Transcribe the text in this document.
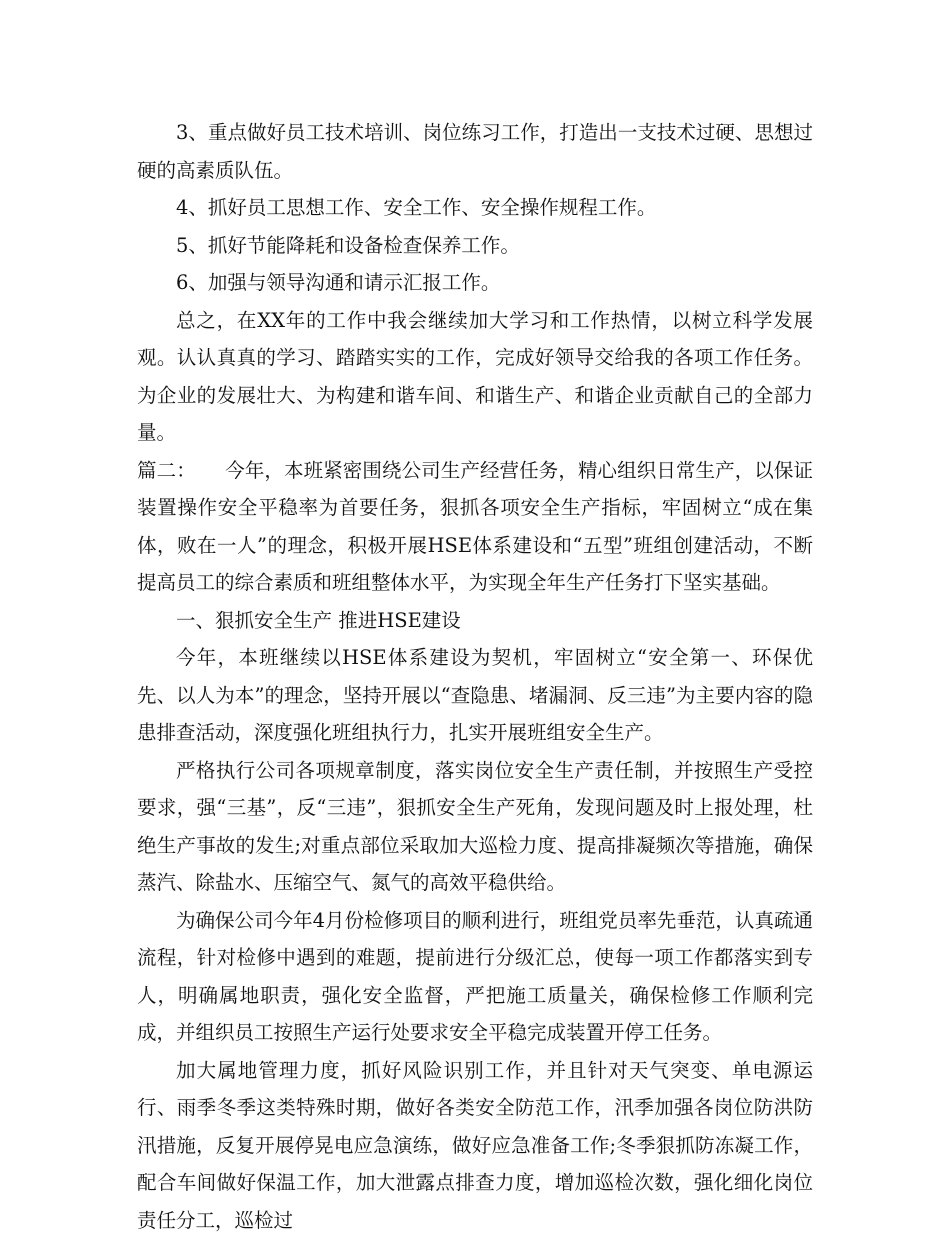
3、重点做好员工技术培训、岗位练习工作，打造出一支技术过硬、思想过硬的高素质队伍。

4、抓好员工思想工作、安全工作、安全操作规程工作。

5、抓好节能降耗和设备检查保养工作。

6、加强与领导沟通和请示汇报工作。

总之，在XX年的工作中我会继续加大学习和工作热情，以树立科学发展观。认认真真的学习、踏踏实实的工作，完成好领导交给我的各项工作任务。为企业的发展壮大、为构建和谐车间、和谐生产、和谐企业贡献自己的全部力量。

篇二：　　今年，本班紧密围绕公司生产经营任务，精心组织日常生产，以保证装置操作安全平稳率为首要任务，狠抓各项安全生产指标，牢固树立“成在集体，败在一人”的理念，积极开展HSE体系建设和“五型”班组创建活动，不断提高员工的综合素质和班组整体水平，为实现全年生产任务打下坚实基础。

一、狠抓安全生产 推进HSE建设

今年，本班继续以HSE体系建设为契机，牢固树立“安全第一、环保优先、以人为本”的理念，坚持开展以“查隐患、堵漏洞、反三违”为主要内容的隐患排查活动，深度强化班组执行力，扎实开展班组安全生产。

严格执行公司各项规章制度，落实岗位安全生产责任制，并按照生产受控要求，强“三基”，反“三违”，狠抓安全生产死角，发现问题及时上报处理，杜绝生产事故的发生;对重点部位采取加大巡检力度、提高排凝频次等措施，确保蒸汽、除盐水、压缩空气、氮气的高效平稳供给。

为确保公司今年4月份检修项目的顺利进行，班组党员率先垂范，认真疏通流程，针对检修中遇到的难题，提前进行分级汇总，使每一项工作都落实到专人，明确属地职责，强化安全监督，严把施工质量关，确保检修工作顺利完成，并组织员工按照生产运行处要求安全平稳完成装置开停工任务。

加大属地管理力度，抓好风险识别工作，并且针对天气突变、单电源运行、雨季冬季这类特殊时期，做好各类安全防范工作，汛季加强各岗位防洪防汛措施，反复开展停晃电应急演练，做好应急准备工作;冬季狠抓防冻凝工作，配合车间做好保温工作，加大泄露点排查力度，增加巡检次数，强化细化岗位责任分工，巡检过
